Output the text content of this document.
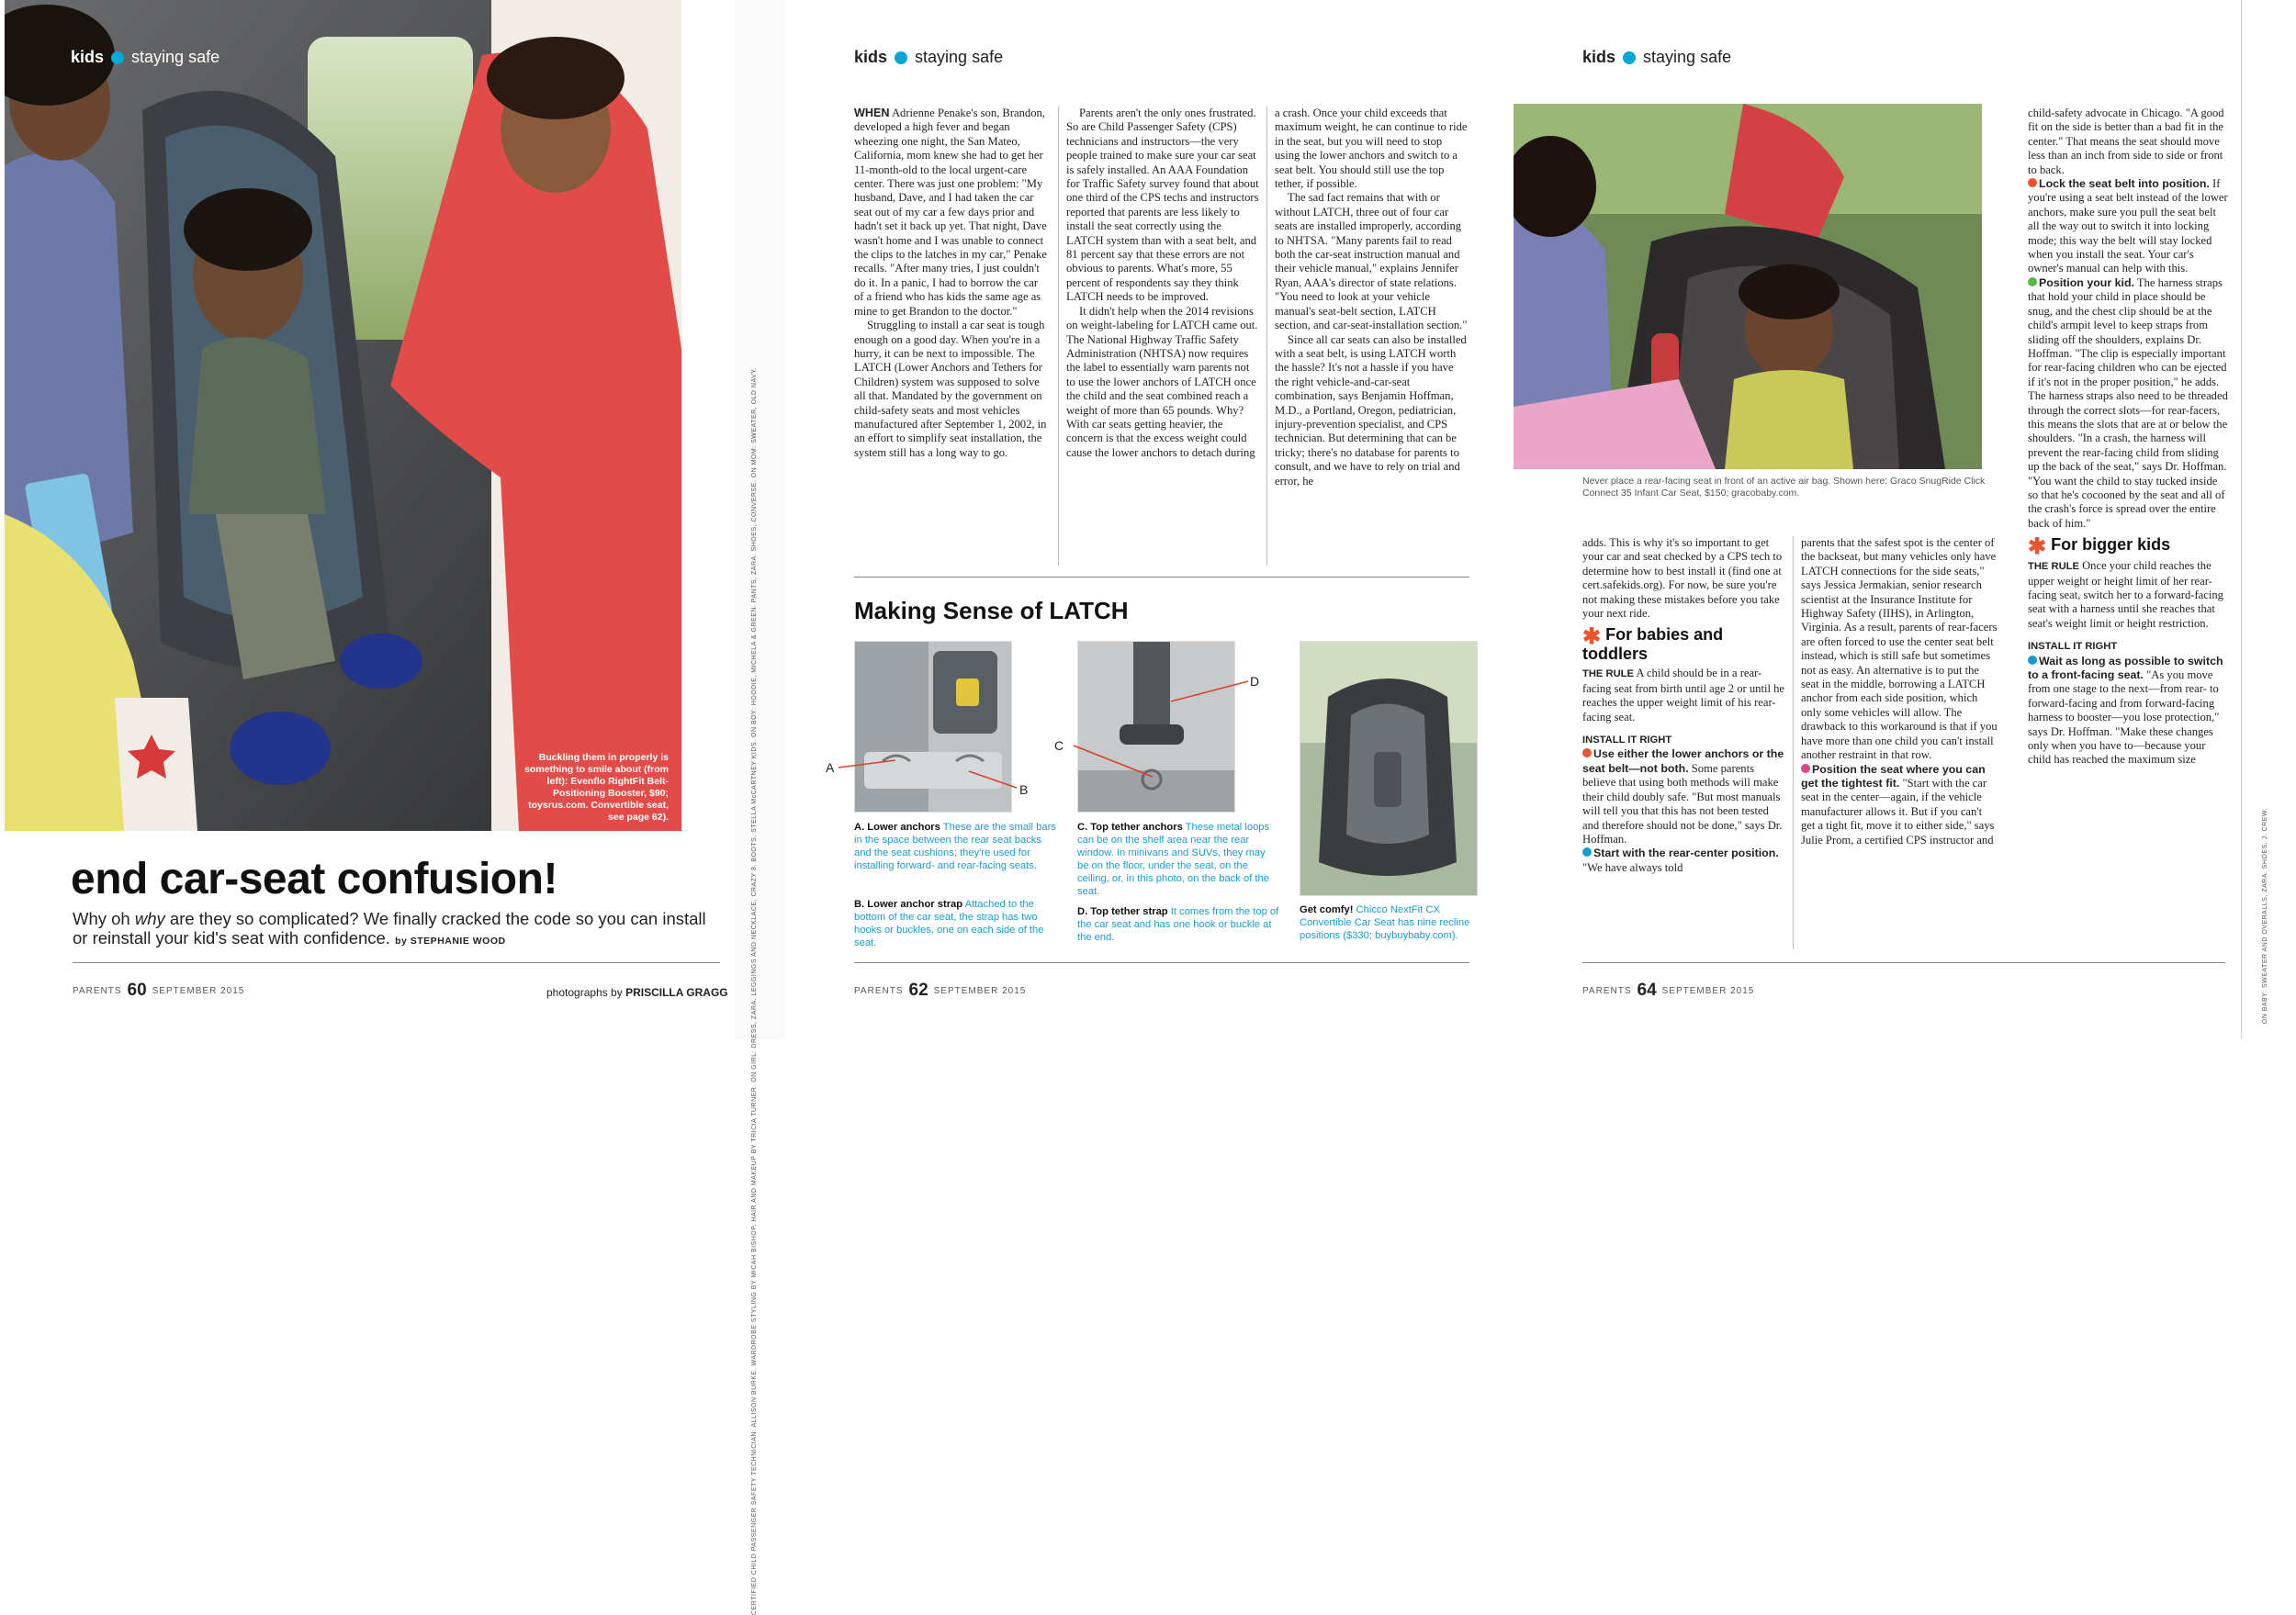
Buckling them in properly is something to smile about (from left): Evenflo RightFit Belt-Positioning Booster, $90; toysrus.com. Convertible seat, see page 62).
kids staying safe
end car-seat confusion!
Why oh why are they so complicated? We finally cracked the code so you can install or reinstall your kid's seat with confidence. by STEPHANIE WOOD
PARENTS 60 SEPTEMBER 2015	photographs by PRISCILLA GRAGG	CERTIFIED CHILD PASSENGER SAFETY TECHNICIAN: ALLISON BURKE. WARDROBE STYLING BY MICAH BISHOP. HAIR AND MAKEUP BY TRICIA TURNER. ON GIRL: DRESS, ZARA. LEGGINGS AND NECKLACE, CRAZY 8. BOOTS, STELLA McCARTNEY KIDS. ON BOY: HOODIE, MICHELA & GREEN. PANTS, ZARA. SHOES, CONVERSE. ON MOM: SWEATER, OLD NAVY.
kids staying safe

WHEN Adrienne Penake's son, Brandon, developed a high fever and began wheezing one night, the San Mateo, California, mom knew she had to get her 11-month-old to the local urgent-care center. There was just one problem: "My husband, Dave, and I had taken the car seat out of my car a few days prior and hadn't set it back up yet. That night, Dave wasn't home and I was unable to connect the clips to the latches in my car," Penake recalls. "After many tries, I just couldn't do it. In a panic, I had to borrow the car of a friend who has kids the same age as mine to get Brandon to the doctor."

Struggling to install a car seat is tough enough on a good day. When you're in a hurry, it can be next to impossible. The LATCH (Lower Anchors and Tethers for Children) system was supposed to solve all that. Mandated by the government on child-safety seats and most vehicles manufactured after September 1, 2002, in an effort to simplify seat installation, the system still has a long way to go.

Parents aren't the only ones frustrated. So are Child Passenger Safety (CPS) technicians and instructors—the very people trained to make sure your car seat is safely installed. An AAA Foundation for Traffic Safety survey found that about one third of the CPS techs and instructors reported that parents are less likely to install the seat correctly using the LATCH system than with a seat belt, and 81 percent say that these errors are not obvious to parents. What's more, 55 percent of respondents say they think LATCH needs to be improved.

It didn't help when the 2014 revisions on weight-labeling for LATCH came out. The National Highway Traffic Safety Administration (NHTSA) now requires the label to essentially warn parents not to use the lower anchors of LATCH once the child and the seat combined reach a weight of more than 65 pounds. Why? With car seats getting heavier, the concern is that the excess weight could cause the lower anchors to detach during

a crash. Once your child exceeds that maximum weight, he can continue to ride in the seat, but you will need to stop using the lower anchors and switch to a seat belt. You should still use the top tether, if possible.

The sad fact remains that with or without LATCH, three out of four car seats are installed improperly, according to NHTSA. "Many parents fail to read both the car-seat instruction manual and their vehicle manual," explains Jennifer Ryan, AAA's director of state relations. "You need to look at your vehicle manual's seat-belt section, LATCH section, and car-seat-installation section."

Since all car seats can also be installed with a seat belt, is using LATCH worth the hassle? It's not a hassle if you have the right vehicle-and-car-seat combination, says Benjamin Hoffman, M.D., a Portland, Oregon, pediatrician, injury-prevention specialist, and CPS technician. But determining that can be tricky; there's no database for parents to consult, and we have to rely on trial and error, he

Making Sense of LATCH
A
B
C
D
A. Lower anchors These are the small bars in the space between the rear seat backs and the seat cushions; they're used for installing forward- and rear-facing seats.
B. Lower anchor strap Attached to the bottom of the car seat, the strap has two hooks or buckles, one on each side of the seat.
C. Top tether anchors These metal loops can be on the shelf area near the rear window. In minivans and SUVs, they may be on the floor, under the seat, on the ceiling, or, in this photo, on the back of the seat.
D. Top tether strap It comes from the top of the car seat and has one hook or buckle at the end.
Get comfy! Chicco NextFit CX Convertible Car Seat has nine recline positions ($330; buybuybaby.com).
PARENTS 62 SEPTEMBER 2015
kids staying safe
Never place a rear-facing seat in front of an active air bag. Shown here: Graco SnugRide Click Connect 35 Infant Car Seat, $150; gracobaby.com.

adds. This is why it's so important to get your car and seat checked by a CPS tech to determine how to best install it (find one at cert.safekids.org). For now, be sure you're not making these mistakes before you take your next ride.

✱ For babies and toddlers

THE RULE A child should be in a rear-facing seat from birth until age 2 or until he reaches the upper weight limit of his rear-facing seat.

INSTALL IT RIGHT

Use either the lower anchors or the seat belt—not both. Some parents believe that using both methods will make their child doubly safe. "But most manuals will tell you that this has not been tested and therefore should not be done," says Dr. Hoffman.

Start with the rear-center position. "We have always told

parents that the safest spot is the center of the backseat, but many vehicles only have LATCH connections for the side seats," says Jessica Jermakian, senior research scientist at the Insurance Institute for Highway Safety (IIHS), in Arlington, Virginia. As a result, parents of rear-facers are often forced to use the center seat belt instead, which is still safe but sometimes not as easy. An alternative is to put the seat in the middle, borrowing a LATCH anchor from each side position, which only some vehicles will allow. The drawback to this workaround is that if you have more than one child you can't install another restraint in that row.

Position the seat where you can get the tightest fit. "Start with the car seat in the center—again, if the vehicle manufacturer allows it. But if you can't get a tight fit, move it to either side," says Julie Prom, a certified CPS instructor and

child-safety advocate in Chicago. "A good fit on the side is better than a bad fit in the center." That means the seat should move less than an inch from side to side or front to back.

Lock the seat belt into position. If you're using a seat belt instead of the lower anchors, make sure you pull the seat belt all the way out to switch it into locking mode; this way the belt will stay locked when you install the seat. Your car's owner's manual can help with this.

Position your kid. The harness straps that hold your child in place should be snug, and the chest clip should be at the child's armpit level to keep straps from sliding off the shoulders, explains Dr. Hoffman. "The clip is especially important for rear-facing children who can be ejected if it's not in the proper position," he adds. The harness straps also need to be threaded through the correct slots—for rear-facers, this means the slots that are at or below the shoulders. "In a crash, the harness will prevent the rear-facing child from sliding up the back of the seat," says Dr. Hoffman. "You want the child to stay tucked inside so that he's cocooned by the seat and all of the crash's force is spread over the entire back of him."

✱ For bigger kids

THE RULE Once your child reaches the upper weight or height limit of her rear-facing seat, switch her to a forward-facing seat with a harness until she reaches that seat's weight limit or height restriction.

INSTALL IT RIGHT

Wait as long as possible to switch to a front-facing seat. "As you move from one stage to the next—from rear- to forward-facing and from forward-facing harness to booster—you lose protection," says Dr. Hoffman. "Make these changes only when you have to—because your child has reached the maximum size

PARENTS 64 SEPTEMBER 2015	ON BABY: SWEATER AND OVERALLS, ZARA. SHOES, J. CREW.
